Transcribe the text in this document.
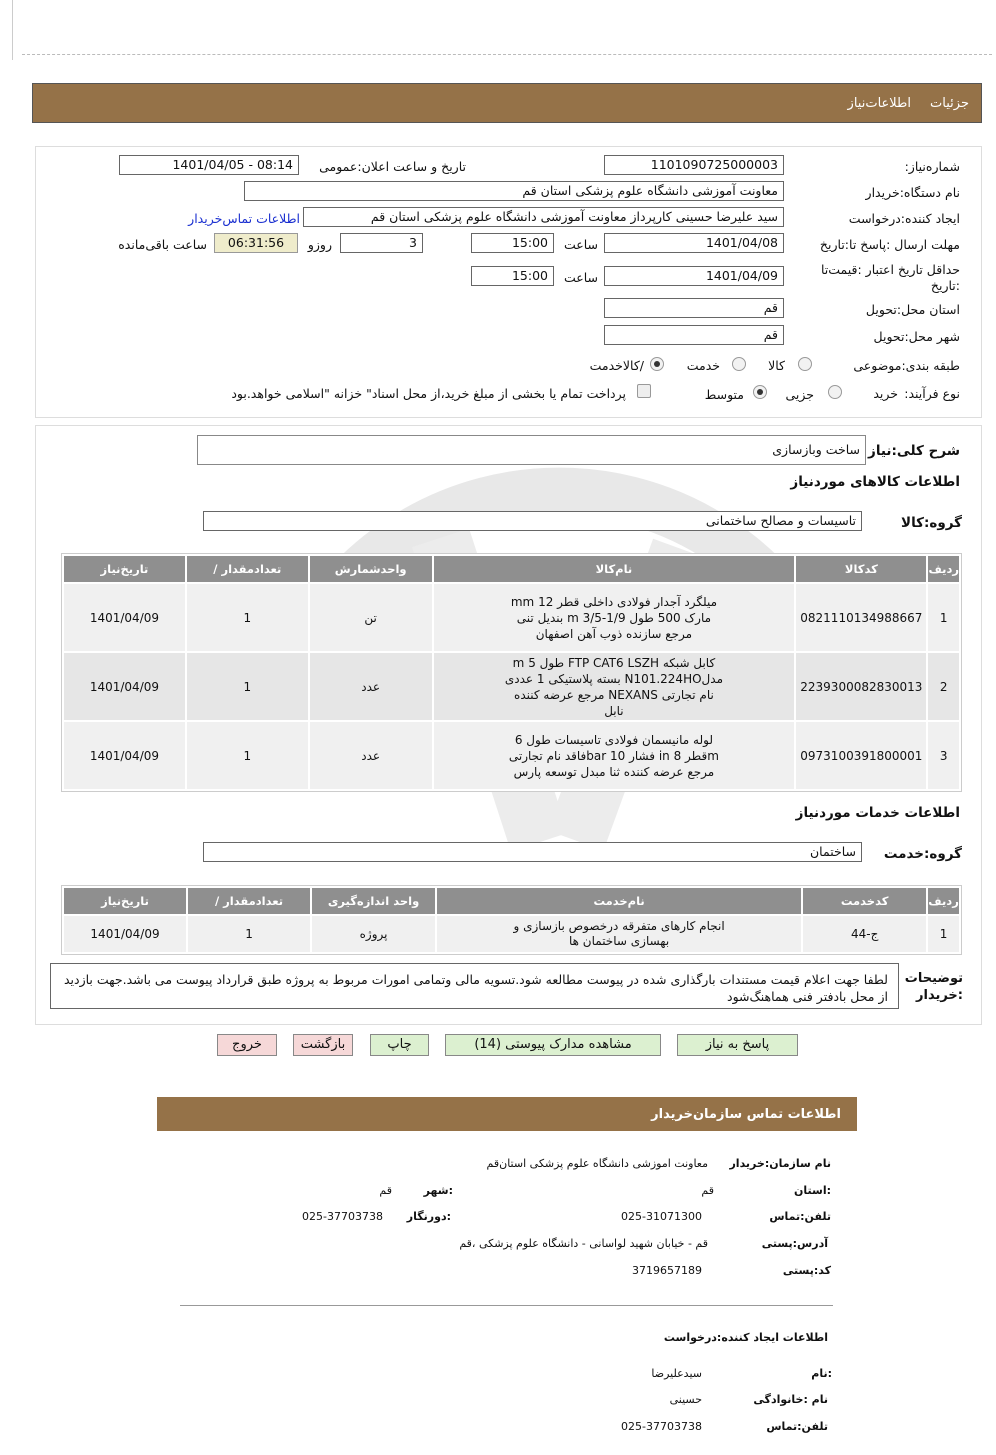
جزئیات
اطلاعات‌نیاز
شماره‌نیاز:
1101090725000003
تاریخ و ساعت اعلان:عمومی
1401/04/05 - 08:14
نام دستگاه:خریدار
معاونت آموزشی دانشگاه علوم پزشکی استان قم
ایجاد کننده:درخواست
سید علیرضا حسینی کارپرداز معاونت آموزشی دانشگاه علوم پزشکی استان قم
اطلاعات تماس‌خریدار
مهلت ارسال :پاسخ تا:تاریخ
1401/04/08
ساعت
15:00
3
روزو
06:31:56
ساعت باقی‌مانده
حداقل تاریخ اعتبار :قیمت‌تا
:تاریخ
1401/04/09
ساعت
15:00
استان محل:تحویل
قم
شهر محل:تحویل
قم
طبقه بندی:موضوعی
کالا
خدمت
/کالاخدمت
نوع فرآیند:
خرید
جزیی
متوسط
پرداخت تمام یا بخشی از مبلغ خرید،از محل اسناد" خزانه "اسلامی خواهد.بود
شرح کلی:نیاز
ساخت وبازسازی
اطلاعات کالاهای موردنیاز
گروه:کالا
تاسیسات و مصالح ساختمانی
تاریخ‌نیاز	/ تعدادمقدار	واحدشمارش	نام‌کالا	کدکالا	ردیف
1401/04/09	1	تن	میلگرد آجدار فولادی داخلی قطر 12 mm مارک 500 طول 1/9-3/5 m بندیل تنی مرجع سازنده ذوب آهن اصفهان	0821110134988667	1
1401/04/09	1	عدد	کابل شبکه FTP CAT6 LSZH طول 5 m مدلN101.224HO بسته پلاستیکی 1 عددی نام تجارتی NEXANS مرجع عرضه کننده نابل	2239300082830013	2
1401/04/09	1	عدد	لوله مانیسمان فولادی تاسیسات طول 6 mقطر 8 in فشار 10 barفاقد نام تجارتی مرجع عرضه کننده ثنا مبدل توسعه پارس	0973100391800001	3
اطلاعات خدمات موردنیاز
گروه:خدمت
ساختمان
تاریخ‌نیاز	/ تعدادمقدار	واحد اندازه‌گیری	نام‌خدمت	کدخدمت	ردیف
1401/04/09	1	پروژه	انجام کارهای متفرقه درخصوص بازسازی و بهسازی ساختمان ها	ج-44	1
توضیحات :خریدار
لطفا جهت اعلام قیمت مستندات بارگذاری شده در پیوست مطالعه شود.تسویه مالی وتمامی امورات مربوط به پروژه طبق قرارداد پیوست می باشد.جهت بازدید از محل بادفتر فنی هماهنگ‌شود
پاسخ به نیاز
مشاهده مدارک پیوستی (14)
چاپ
بازگشت
خروج
اطلاعات تماس سازمان‌خریدار
نام سازمان:خریدار
معاونت اموزشی دانشگاه علوم پزشکی استان‌قم
:استان
قم
:شهر
قم
تلفن:تماس
025-31071300
:دورنگار
025-37703738
آدرس:پستی
قم - خیابان شهید لواسانی - دانشگاه علوم پزشکی ،قم
کد:پستی
3719657189
اطلاعات ایجاد کننده:درخواست
:نام
سیدعلیرضا
نام :خانوادگی
حسینی
تلفن:تماس
025-37703738
